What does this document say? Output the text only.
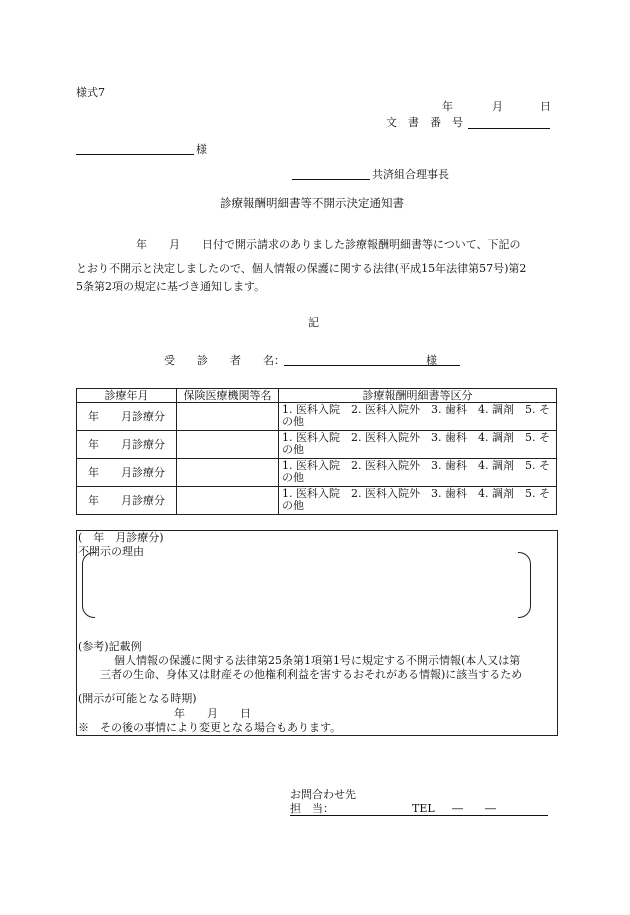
様式7
年	月	日
文　書　番　号
様
共済組合理事長
診療報酬明細書等不開示決定通知書
年　　月　　日付で開示請求のありました診療報酬明細書等について、下記の
とおり不開示と決定しましたので、個人情報の保護に関する法律(平成15年法律第57号)第2
5条第2項の規定に基づき通知します。
記
受　　診　　者　　名：	様
診療年月	保険医療機関等名	診療報酬明細書等区分
年　　月診療分		1. 医科入院　2. 医科入院外　3. 歯科　4. 調剤　5. その他
年　　月診療分		1. 医科入院　2. 医科入院外　3. 歯科　4. 調剤　5. その他
年　　月診療分		1. 医科入院　2. 医科入院外　3. 歯科　4. 調剤　5. その他
年　　月診療分		1. 医科入院　2. 医科入院外　3. 歯科　4. 調剤　5. その他
(　年　月診療分)
不開示の理由
(参考)記載例
個人情報の保護に関する法律第25条第1項第1号に規定する不開示情報(本人又は第
三者の生命、身体又は財産その他権利利益を害するおそれがある情報)に該当するため
(開示が可能となる時期)
年　　月　　日
※　その後の事情により変更となる場合もあります。
お問合わせ先
担　当：	TEL ―　　―
